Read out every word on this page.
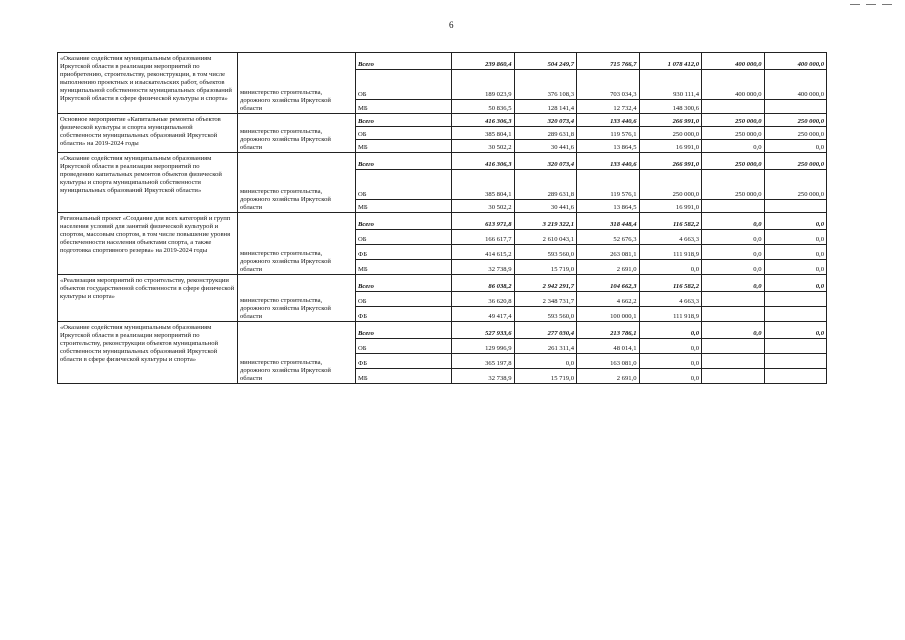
6
«Оказание содействия муниципальным образованиям Иркутской области в реализации мероприятий по приобретению, строительству, реконструкции, в том числе выполнению проектных и изыскательских работ, объектов муниципальной собственности муниципальных образований Иркутской области в сфере физической культуры и спорта»	министерство строительства, дорожного хозяйства Иркутской области	Всего	239 860,4	504 249,7	715 766,7	1 078 412,0	400 000,0	400 000,0
		ОБ	189 023,9	376 108,3	703 034,3	930 111,4	400 000,0	400 000,0
		МБ	50 836,5	128 141,4	12 732,4	148 300,6		
Основное мероприятие «Капитальные ремонты объектов физической культуры и спорта муниципальной собственности муниципальных образований Иркутской области» на 2019-2024 годы	министерство строительства, дорожного хозяйства Иркутской области	Всего	416 306,3	320 073,4	133 440,6	266 991,0	250 000,0	250 000,0
		ОБ	385 804,1	289 631,8	119 576,1	250 000,0	250 000,0	250 000,0
		МБ	30 502,2	30 441,6	13 864,5	16 991,0	0,0	0,0
«Оказание содействия муниципальным образованиям Иркутской области в реализации мероприятий по проведению капитальных ремонтов объектов физической культуры и спорта муниципальной собственности муниципальных образований Иркутской области»	министерство строительства, дорожного хозяйства Иркутской области	Всего	416 306,3	320 073,4	133 440,6	266 991,0	250 000,0	250 000,0
		ОБ	385 804,1	289 631,8	119 576,1	250 000,0	250 000,0	250 000,0
		МБ	30 502,2	30 441,6	13 864,5	16 991,0		
Региональный проект «Создание для всех категорий и групп населения условий для занятий физической культурой и спортом, массовым спортом, в том числе повышение уровня обеспеченности населения объектами спорта, а также подготовка спортивного резерва» на 2019-2024 годы	министерство строительства, дорожного хозяйства Иркутской области	Всего	613 971,8	3 219 322,1	318 448,4	116 582,2	0,0	0,0
		ОБ	166 617,7	2 610 043,1	52 676,3	4 663,3	0,0	0,0
		ФБ	414 615,2	593 560,0	263 081,1	111 918,9	0,0	0,0
		МБ	32 738,9	15 719,0	2 691,0	0,0	0,0	0,0
«Реализация мероприятий по строительству, реконструкции объектов государственной собственности в сфере физической культуры и спорта»	министерство строительства, дорожного хозяйства Иркутской области	Всего	86 038,2	2 942 291,7	104 662,3	116 582,2	0,0	0,0
		ОБ	36 620,8	2 348 731,7	4 662,2	4 663,3		
		ФБ	49 417,4	593 560,0	100 000,1	111 918,9		
«Оказание содействия муниципальным образованиям Иркутской области в реализации мероприятий по строительству, реконструкции объектов муниципальной собственности муниципальных образований Иркутской области в сфере физической культуры и спорта»	министерство строительства, дорожного хозяйства Иркутской области	Всего	527 933,6	277 030,4	213 786,1	0,0	0,0	0,0
		ОБ	129 996,9	261 311,4	48 014,1	0,0		
		ФБ	365 197,8	0,0	163 081,0	0,0		
		МБ	32 738,9	15 719,0	2 691,0	0,0		
